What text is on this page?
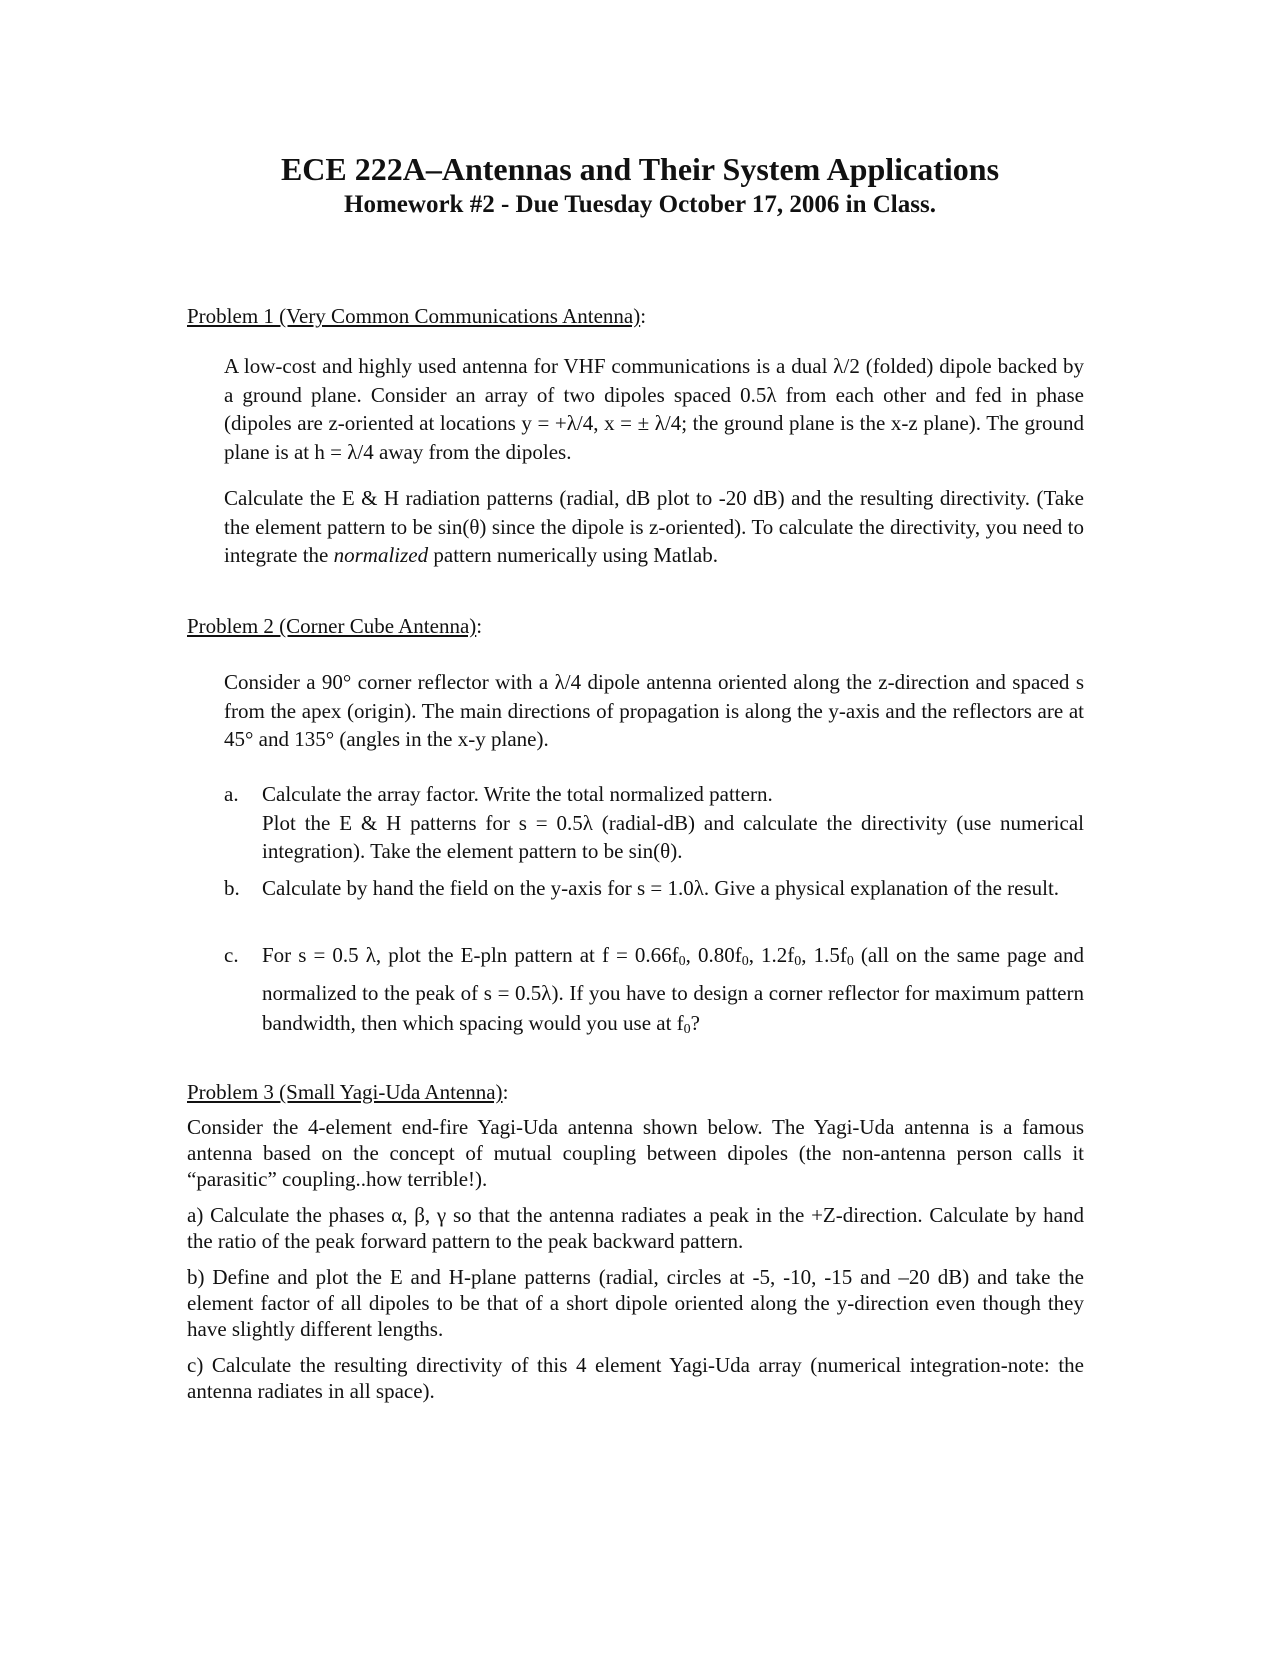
ECE 222A–Antennas and Their System Applications
Homework #2 - Due Tuesday October 17, 2006 in Class.
Problem 1 (Very Common Communications Antenna):

A low-cost and highly used antenna for VHF communications is a dual λ/2 (folded) dipole backed by a ground plane. Consider an array of two dipoles spaced 0.5λ from each other and fed in phase (dipoles are z-oriented at locations y = +λ/4, x = ± λ/4; the ground plane is the x-z plane). The ground plane is at h = λ/4 away from the dipoles.

Calculate the E & H radiation patterns (radial, dB plot to -20 dB) and the resulting directivity. (Take the element pattern to be sin(θ) since the dipole is z-oriented). To calculate the directivity, you need to integrate the normalized pattern numerically using Matlab.

Problem 2 (Corner Cube Antenna):

Consider a 90° corner reflector with a λ/4 dipole antenna oriented along the z-direction and spaced s from the apex (origin). The main directions of propagation is along the y-axis and the reflectors are at 45° and 135° (angles in the x-y plane).

a. Calculate the array factor. Write the total normalized pattern.
Plot the E & H patterns for s = 0.5λ (radial-dB) and calculate the directivity (use numerical integration). Take the element pattern to be sin(θ).
b. Calculate by hand the field on the y-axis for s = 1.0λ. Give a physical explanation of the result.
c. For s = 0.5 λ, plot the E-pln pattern at $f = 0.66f_0$, $0.80f_0$, $1.2f_0$, $1.5f_0$ (all on the same page and normalized to the peak of s = 0.5λ). If you have to design a corner reflector for maximum pattern bandwidth, then which spacing would you use at $f_0$?
Problem 3 (Small Yagi-Uda Antenna):

Consider the 4-element end-fire Yagi-Uda antenna shown below. The Yagi-Uda antenna is a famous antenna based on the concept of mutual coupling between dipoles (the non-antenna person calls it “parasitic” coupling..how terrible!).

a) Calculate the phases α, β, γ so that the antenna radiates a peak in the +Z-direction. Calculate by hand the ratio of the peak forward pattern to the peak backward pattern.

b) Define and plot the E and H-plane patterns (radial, circles at -5, -10, -15 and –20 dB) and take the element factor of all dipoles to be that of a short dipole oriented along the y-direction even though they have slightly different lengths.

c) Calculate the resulting directivity of this 4 element Yagi-Uda array (numerical integration-note: the antenna radiates in all space).
